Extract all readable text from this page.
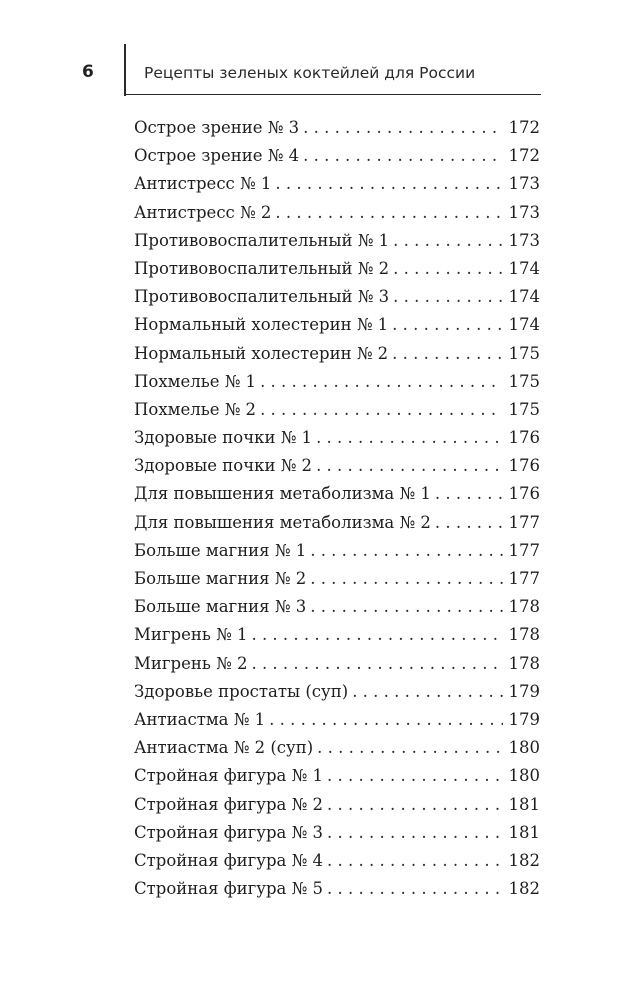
6	Рецепты зеленых коктейлей для России
Острое зрение № 3 . . .	172
Острое зрение № 4 . . .	172
Антистресс № 1 . . .	173
Антистресс № 2 . . .	173
Противовоспалительный № 1 . . .	173
Противовоспалительный № 2 . . .	174
Противовоспалительный № 3 . . .	174
Нормальный холестерин № 1 . . .	174
Нормальный холестерин № 2 . . .	175
Похмелье № 1 . . .	175
Похмелье № 2 . . .	175
Здоровые почки № 1 . . .	176
Здоровые почки № 2 . . .	176
Для повышения метаболизма № 1 . . .	176
Для повышения метаболизма № 2 . . .	177
Больше магния № 1 . . .	177
Больше магния № 2 . . .	177
Больше магния № 3 . . .	178
Мигрень № 1 . . .	178
Мигрень № 2 . . .	178
Здоровье простаты (суп) . . .	179
Антиастма № 1 . . .	179
Антиастма № 2 (суп) . . .	180
Стройная фигура № 1 . . .	180
Стройная фигура № 2 . . .	181
Стройная фигура № 3 . . .	181
Стройная фигура № 4 . . .	182
Стройная фигура № 5 . . .	182
